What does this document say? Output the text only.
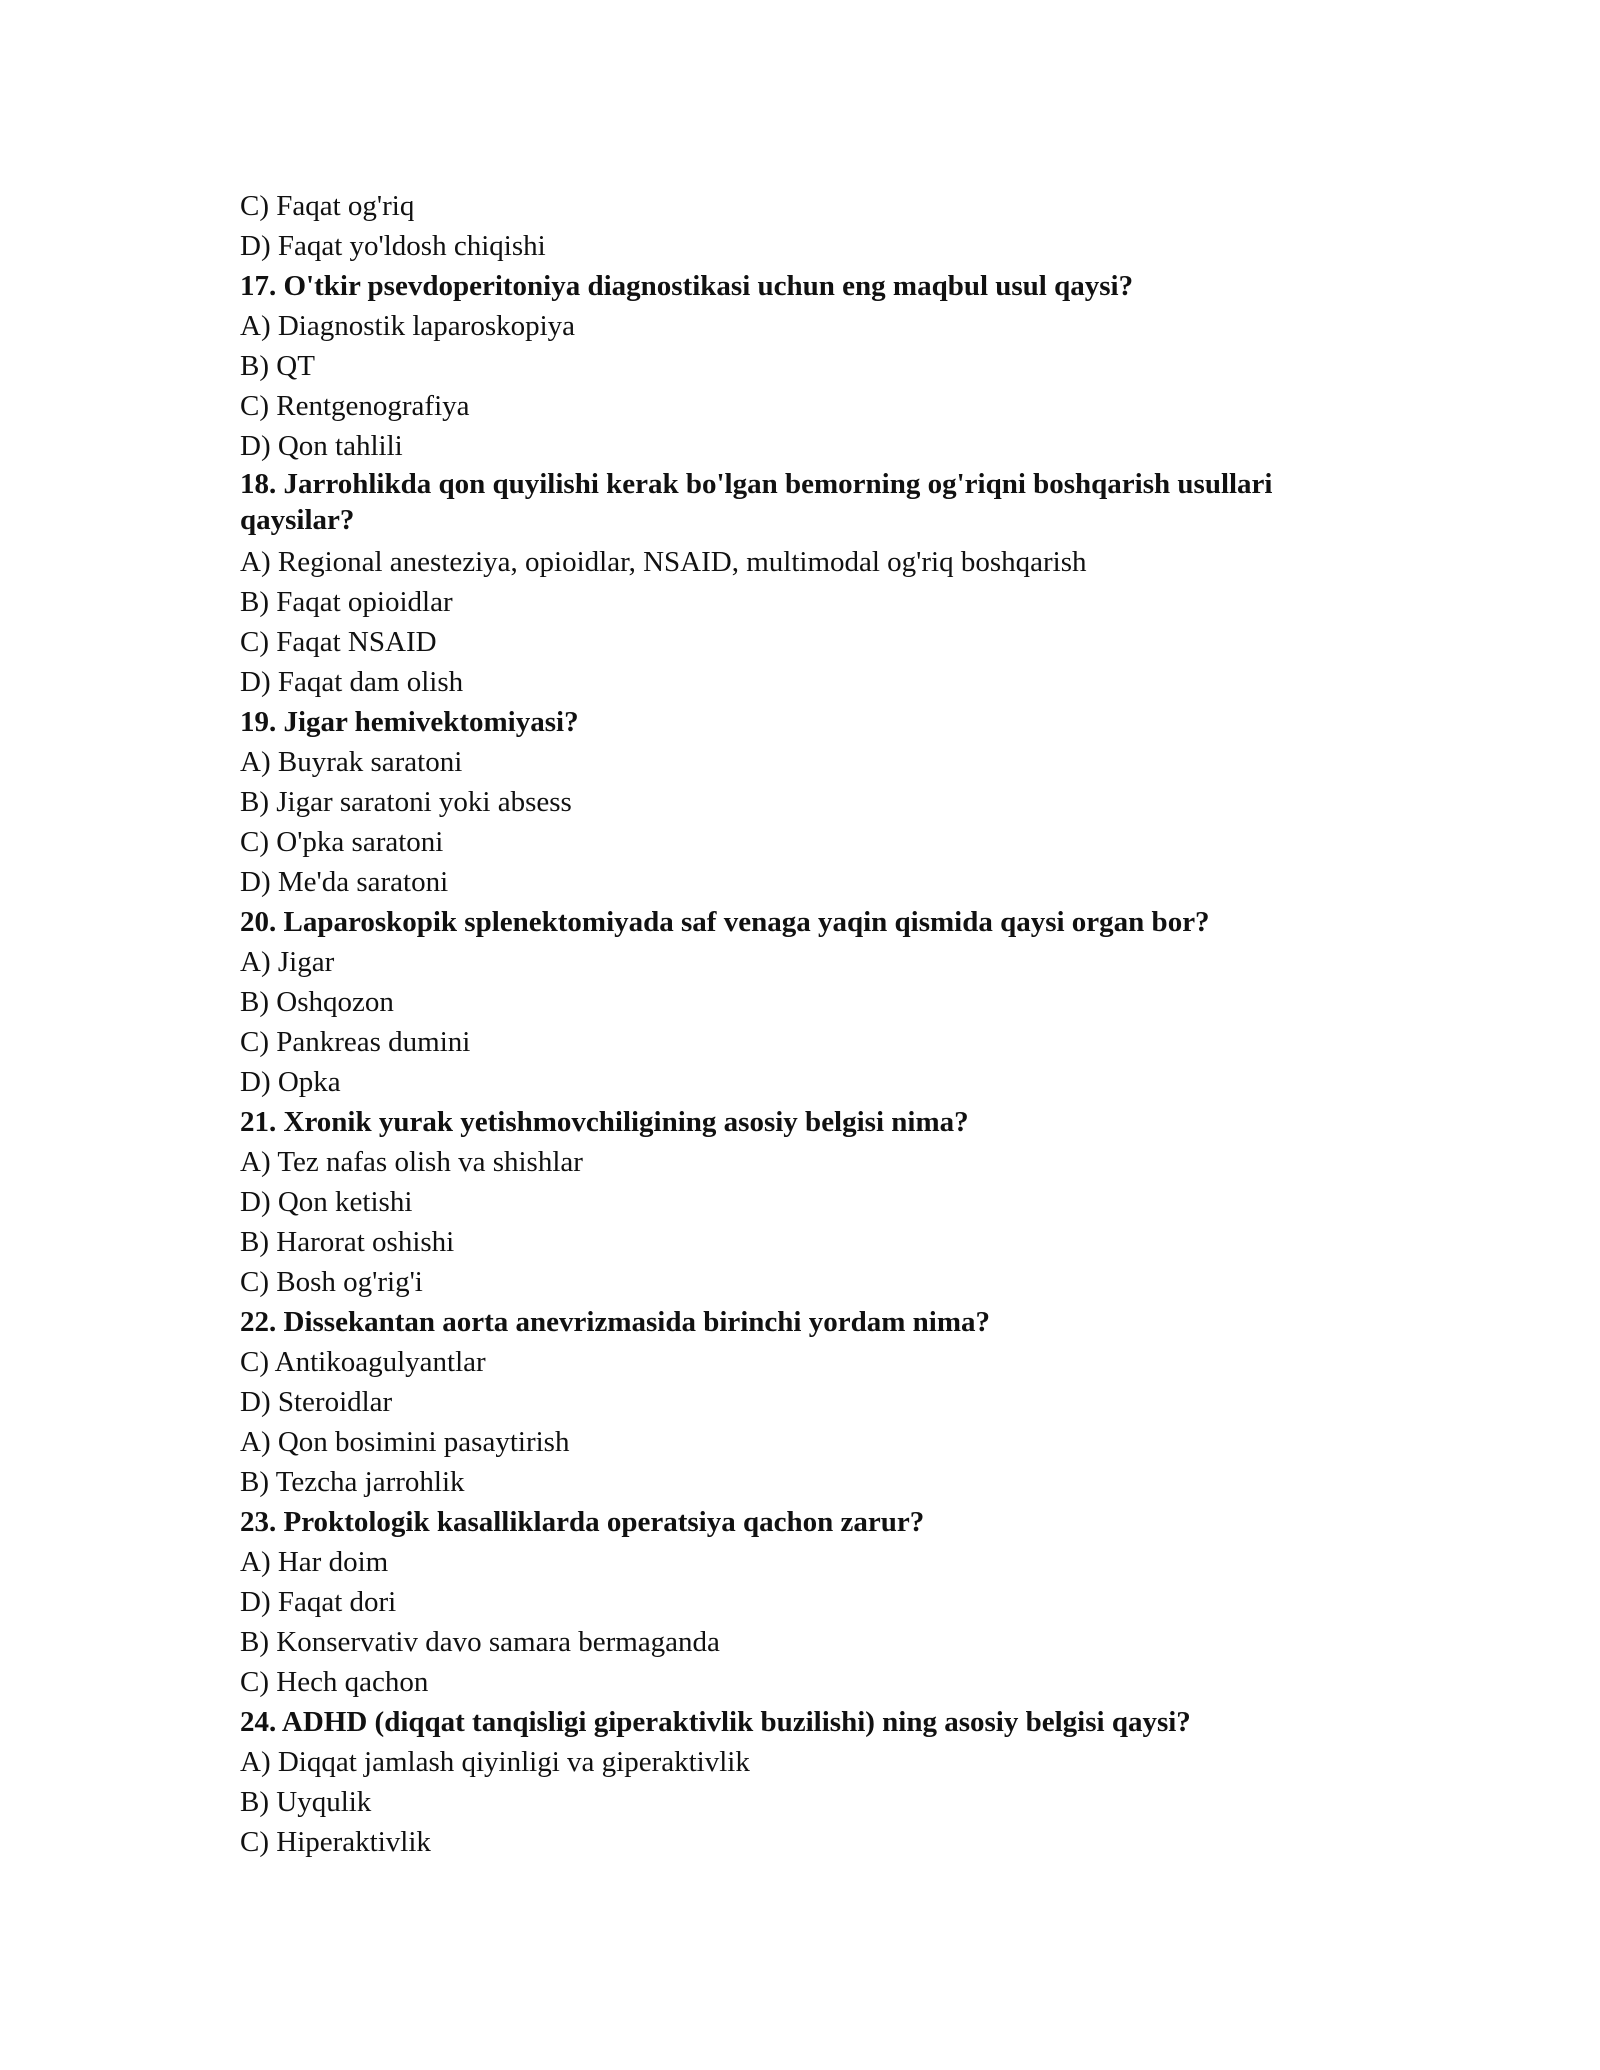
C) Faqat og'riq
D) Faqat yo'ldosh chiqishi
17. O'tkir psevdoperitoniya diagnostikasi uchun eng maqbul usul qaysi?
A) Diagnostik laparoskopiya
B) QT
C) Rentgenografiya
D) Qon tahlili
18. Jarrohlikda qon quyilishi kerak bo'lgan bemorning og'riqni boshqarish usullari qaysilar?
A) Regional anesteziya, opioidlar, NSAID, multimodal og'riq boshqarish
B) Faqat opioidlar
C) Faqat NSAID
D) Faqat dam olish
19. Jigar hemivektomiyasi?
A) Buyrak saratoni
B) Jigar saratoni yoki absess
C) O'pka saratoni
D) Me'da saratoni
20. Laparoskopik splenektomiyada saf venaga yaqin qismida qaysi organ bor?
A) Jigar
B) Oshqozon
C) Pankreas dumini
D) Opka
21. Xronik yurak yetishmovchiligining asosiy belgisi nima?
A) Tez nafas olish va shishlar
D) Qon ketishi
B) Harorat oshishi
C) Bosh og'rig'i
22. Dissekantan aorta anevrizmasida birinchi yordam nima?
C) Antikoagulyantlar
D) Steroidlar
A) Qon bosimini pasaytirish
B) Tezcha jarrohlik
23. Proktologik kasalliklarda operatsiya qachon zarur?
A) Har doim
D) Faqat dori
B) Konservativ davo samara bermaganda
C) Hech qachon
24. ADHD (diqqat tanqisligi giperaktivlik buzilishi) ning asosiy belgisi qaysi?
A) Diqqat jamlash qiyinligi va giperaktivlik
B) Uyqulik
C) Hiperaktivlik
